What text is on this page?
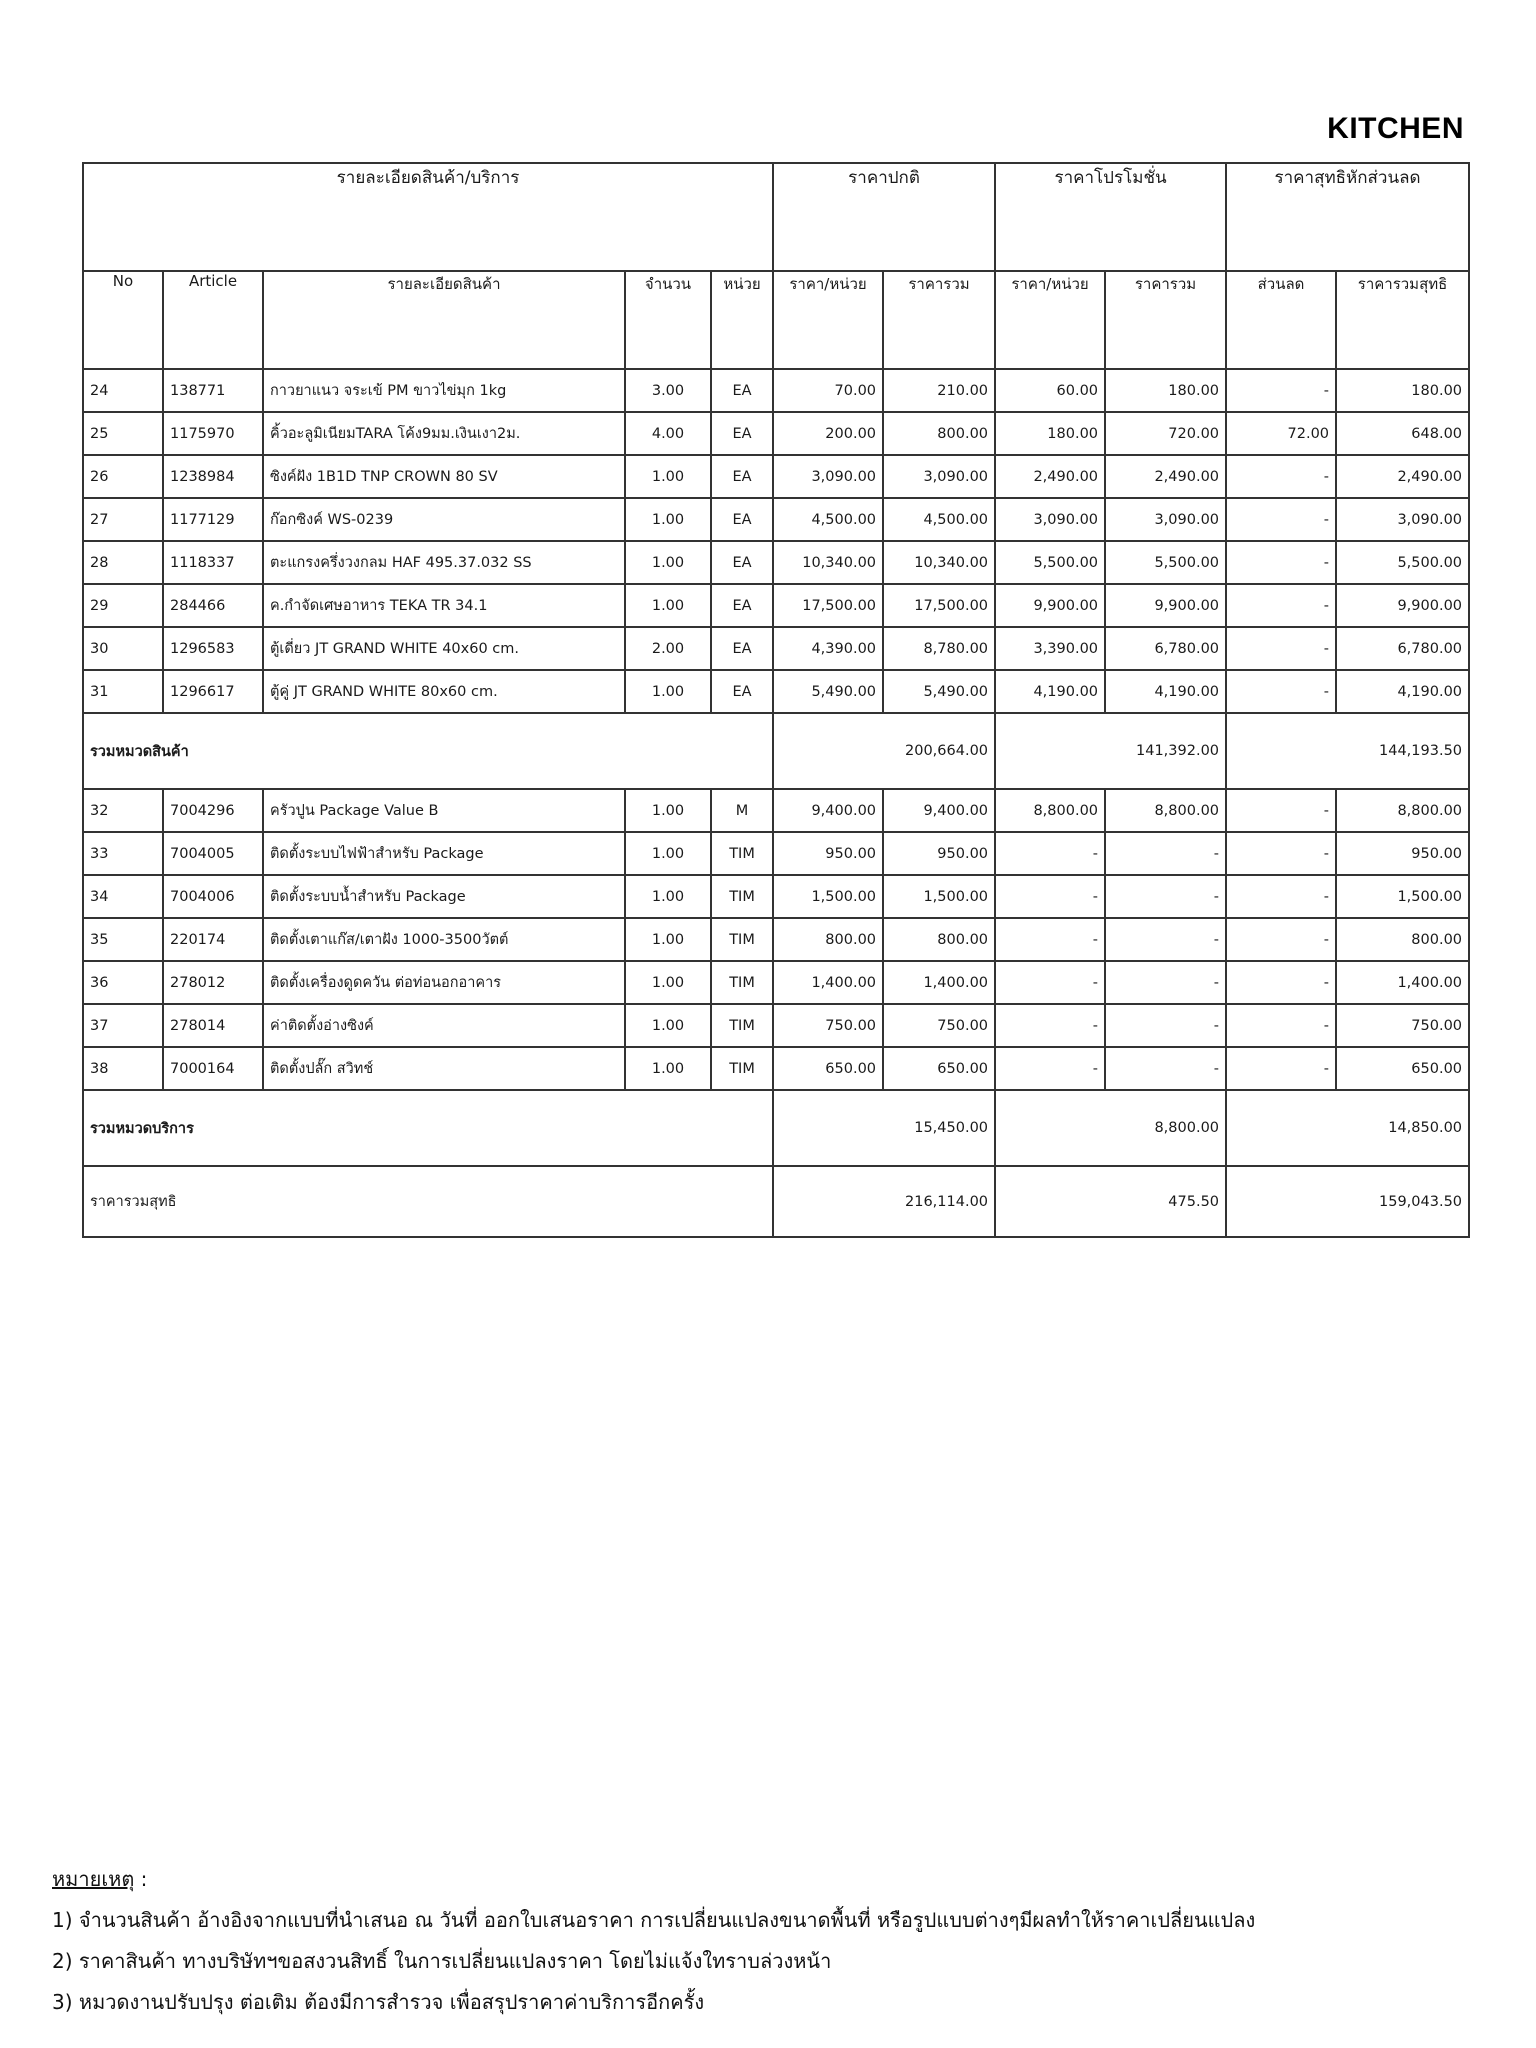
KITCHEN
รายละเอียดสินค้า/บริการ					ราคาปกติ		ราคาโปรโมชั่น		ราคาสุทธิหักส่วนลด	
No	Article	รายละเอียดสินค้า	จำนวน	หน่วย	ราคา/หน่วย	ราคารวม	ราคา/หน่วย	ราคารวม	ส่วนลด	ราคารวมสุทธิ
24	138771	กาวยาแนว จระเข้ PM ขาวไข่มุก 1kg	3.00	EA	70.00	210.00	60.00	180.00	-	180.00
25	1175970	คิ้วอะลูมิเนียมTARA โค้ง9มม.เงินเงา2ม.	4.00	EA	200.00	800.00	180.00	720.00	72.00	648.00
26	1238984	ซิงค์ฝัง 1B1D TNP CROWN 80 SV	1.00	EA	3,090.00	3,090.00	2,490.00	2,490.00	-	2,490.00
27	1177129	ก๊อกซิงค์ WS-0239	1.00	EA	4,500.00	4,500.00	3,090.00	3,090.00	-	3,090.00
28	1118337	ตะแกรงครึ่งวงกลม HAF 495.37.032 SS	1.00	EA	10,340.00	10,340.00	5,500.00	5,500.00	-	5,500.00
29	284466	ค.กำจัดเศษอาหาร TEKA TR 34.1	1.00	EA	17,500.00	17,500.00	9,900.00	9,900.00	-	9,900.00
30	1296583	ตู้เดี่ยว JT GRAND WHITE 40x60 cm.	2.00	EA	4,390.00	8,780.00	3,390.00	6,780.00	-	6,780.00
31	1296617	ตู้คู่ JT GRAND WHITE 80x60 cm.	1.00	EA	5,490.00	5,490.00	4,190.00	4,190.00	-	4,190.00
รวมหมวดสินค้า					200,664.00		141,392.00		144,193.50	
32	7004296	ครัวปูน Package Value B	1.00	M	9,400.00	9,400.00	8,800.00	8,800.00	-	8,800.00
33	7004005	ติดตั้งระบบไฟฟ้าสำหรับ Package	1.00	TIM	950.00	950.00	-	-	-	950.00
34	7004006	ติดตั้งระบบน้ำสำหรับ Package	1.00	TIM	1,500.00	1,500.00	-	-	-	1,500.00
35	220174	ติดตั้งเตาแก๊ส/เตาฝัง 1000-3500วัตต์	1.00	TIM	800.00	800.00	-	-	-	800.00
36	278012	ติดตั้งเครื่องดูดควัน ต่อท่อนอกอาคาร	1.00	TIM	1,400.00	1,400.00	-	-	-	1,400.00
37	278014	ค่าติดตั้งอ่างซิงค์	1.00	TIM	750.00	750.00	-	-	-	750.00
38	7000164	ติดตั้งปลั๊ก สวิทช์	1.00	TIM	650.00	650.00	-	-	-	650.00
รวมหมวดบริการ					15,450.00		8,800.00		14,850.00	
ราคารวมสุทธิ					216,114.00		475.50		159,043.50	
หมายเหตุ :
1) จำนวนสินค้า อ้างอิงจากแบบที่นำเสนอ ณ วันที่ ออกใบเสนอราคา การเปลี่ยนแปลงขนาดพื้นที่ หรือรูปแบบต่างๆมีผลทำให้ราคาเปลี่ยนแปลง
2) ราคาสินค้า ทางบริษัทฯขอสงวนสิทธิ์ ในการเปลี่ยนแปลงราคา โดยไม่แจ้งใทราบล่วงหน้า
3) หมวดงานปรับปรุง ต่อเติม ต้องมีการสำรวจ เพื่อสรุปราคาค่าบริการอีกครั้ง
